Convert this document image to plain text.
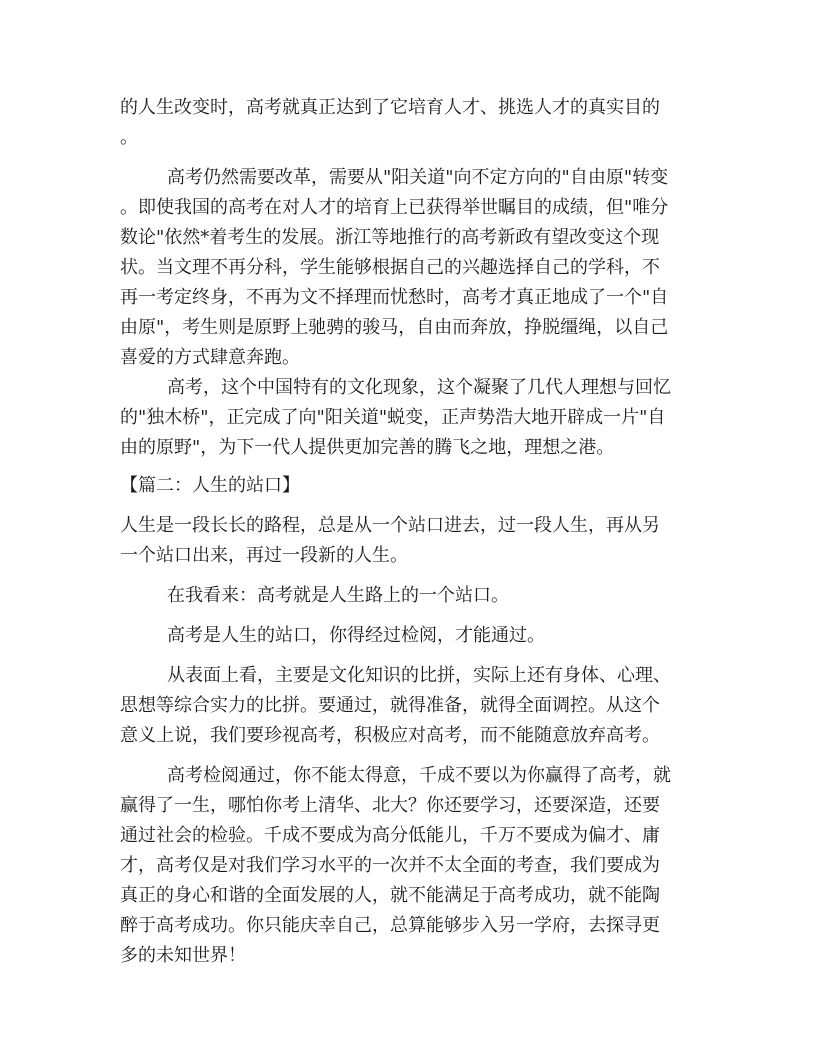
的人生改变时，高考就真正达到了它培育人才、挑选人才的真实目的
。
高考仍然需要改革，需要从"阳关道"向不定方向的"自由原"转变
。即使我国的高考在对人才的培育上已获得举世瞩目的成绩，但"唯分
数论"依然*着考生的发展。浙江等地推行的高考新政有望改变这个现
状。当文理不再分科，学生能够根据自己的兴趣选择自己的学科，不
再一考定终身，不再为文不择理而忧愁时，高考才真正地成了一个"自
由原"，考生则是原野上驰骋的骏马，自由而奔放，挣脱缰绳，以自己
喜爱的方式肆意奔跑。
高考，这个中国特有的文化现象，这个凝聚了几代人理想与回忆
的"独木桥"，正完成了向"阳关道"蜕变，正声势浩大地开辟成一片"自
由的原野"，为下一代人提供更加完善的腾飞之地，理想之港。
【篇二：人生的站口】
人生是一段长长的路程，总是从一个站口进去，过一段人生，再从另
一个站口出来，再过一段新的人生。
在我看来：高考就是人生路上的一个站口。
高考是人生的站口，你得经过检阅，才能通过。
从表面上看，主要是文化知识的比拼，实际上还有身体、心理、
思想等综合实力的比拼。要通过，就得准备，就得全面调控。从这个
意义上说，我们要珍视高考，积极应对高考，而不能随意放弃高考。
高考检阅通过，你不能太得意，千成不要以为你赢得了高考，就
赢得了一生，哪怕你考上清华、北大？你还要学习，还要深造，还要
通过社会的检验。千成不要成为高分低能儿，千万不要成为偏才、庸
才，高考仅是对我们学习水平的一次并不太全面的考查，我们要成为
真正的身心和谐的全面发展的人，就不能满足于高考成功，就不能陶
醉于高考成功。你只能庆幸自己，总算能够步入另一学府，去探寻更
多的未知世界！
